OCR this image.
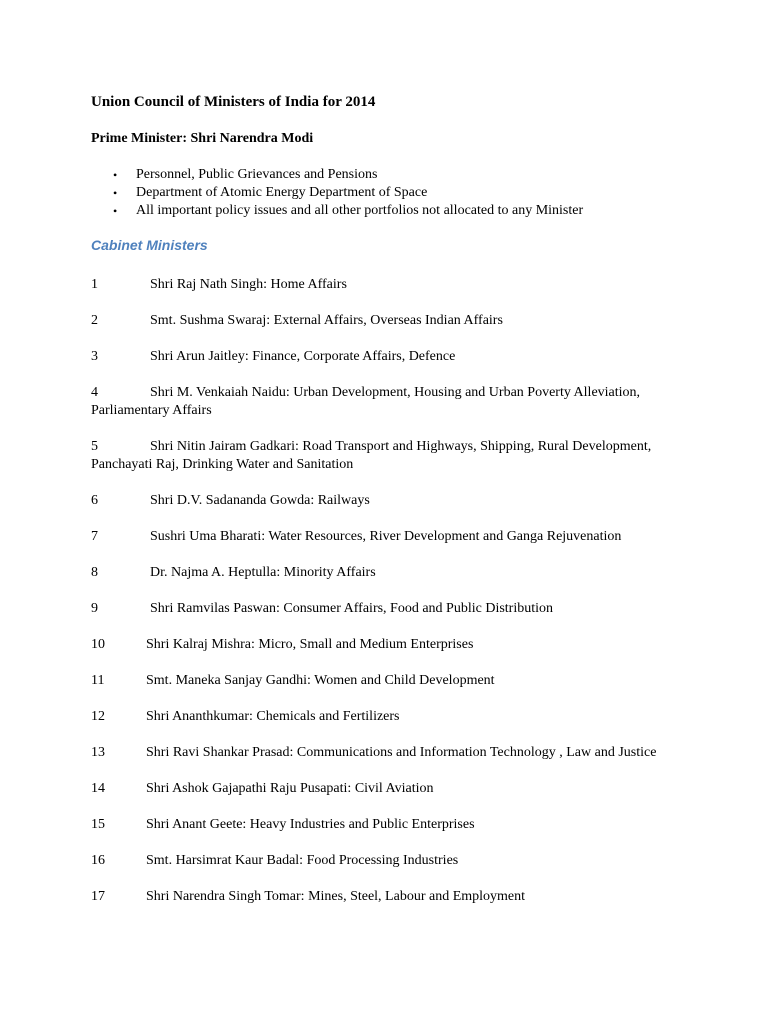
Union Council of Ministers of India for 2014

Prime Minister: Shri Narendra Modi

• Personnel, Public Grievances and Pensions
• Department of Atomic Energy Department of Space
• All important policy issues and all other portfolios not allocated to any Minister
Cabinet Ministers
1	Shri Raj Nath Singh: Home Affairs
2	Smt. Sushma Swaraj: External Affairs, Overseas Indian Affairs
3	Shri Arun Jaitley: Finance, Corporate Affairs, Defence
4	Shri M. Venkaiah Naidu: Urban Development, Housing and Urban Poverty Alleviation, Parliamentary Affairs
5	Shri Nitin Jairam Gadkari: Road Transport and Highways, Shipping, Rural Development, Panchayati Raj, Drinking Water and Sanitation
6	Shri D.V. Sadananda Gowda: Railways
7	Sushri Uma Bharati: Water Resources, River Development and Ganga Rejuvenation
8	Dr. Najma A. Heptulla: Minority Affairs
9	Shri Ramvilas Paswan: Consumer Affairs, Food and Public Distribution
10	Shri Kalraj Mishra: Micro, Small and Medium Enterprises
11	Smt. Maneka Sanjay Gandhi: Women and Child Development
12	Shri Ananthkumar: Chemicals and Fertilizers
13	Shri Ravi Shankar Prasad: Communications and Information Technology , Law and Justice
14	Shri Ashok Gajapathi Raju Pusapati: Civil Aviation
15	Shri Anant Geete: Heavy Industries and Public Enterprises
16	Smt. Harsimrat Kaur Badal: Food Processing Industries
17	Shri Narendra Singh Tomar: Mines, Steel, Labour and Employment
